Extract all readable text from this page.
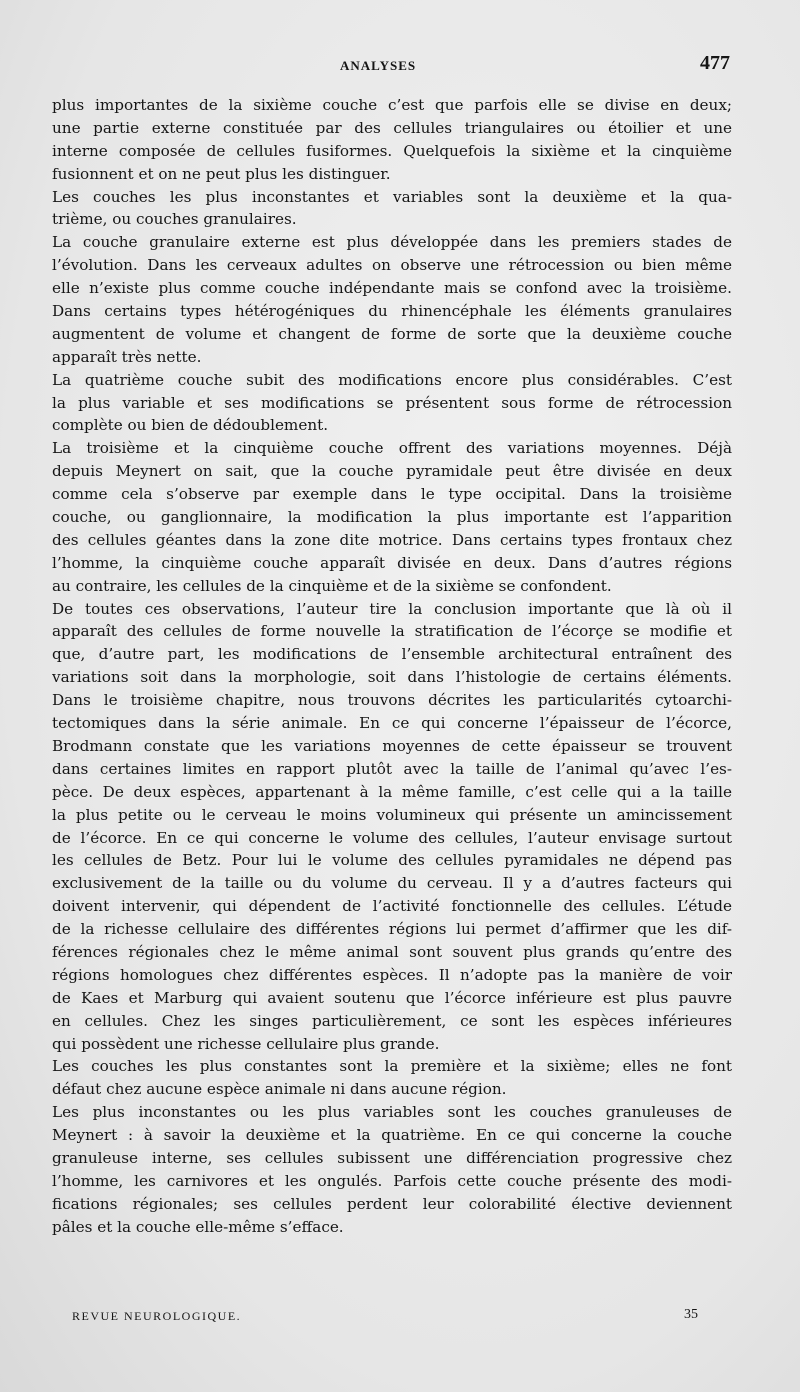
ANALYSES	477
plus importantes de la sixième couche c’est que parfois elle se divise en deux;
une partie externe constituée par des cellules triangulaires ou étoilier et une
interne composée de cellules fusiformes. Quelquefois la sixième et la cinquième
fusionnent et on ne peut plus les distinguer.
Les couches les plus inconstantes et variables sont la deuxième et la qua-
trième, ou couches granulaires.
La couche granulaire externe est plus développée dans les premiers stades de
l’évolution. Dans les cerveaux adultes on observe une rétrocession ou bien même
elle n’existe plus comme couche indépendante mais se confond avec la troisième.
Dans certains types hétérogéniques du rhinencéphale les éléments granulaires
augmentent de volume et changent de forme de sorte que la deuxième couche
apparaît très nette.
La quatrième couche subit des modifications encore plus considérables. C’est
la plus variable et ses modifications se présentent sous forme de rétrocession
complète ou bien de dédoublement.
La troisième et la cinquième couche offrent des variations moyennes. Déjà
depuis Meynert on sait, que la couche pyramidale peut être divisée en deux
comme cela s’observe par exemple dans le type occipital. Dans la troisième
couche, ou ganglionnaire, la modification la plus importante est l’apparition
des cellules géantes dans la zone dite motrice. Dans certains types frontaux chez
l’homme, la cinquième couche apparaît divisée en deux. Dans d’autres régions
au contraire, les cellules de la cinquième et de la sixième se confondent.
De toutes ces observations, l’auteur tire la conclusion importante que là où il
apparaît des cellules de forme nouvelle la stratification de l’écorçe se modifie et
que, d’autre part, les modifications de l’ensemble architectural entraînent des
variations soit dans la morphologie, soit dans l’histologie de certains éléments.
Dans le troisième chapitre, nous trouvons décrites les particularités cytoarchi-
tectomiques dans la série animale. En ce qui concerne l’épaisseur de l’écorce,
Brodmann constate que les variations moyennes de cette épaisseur se trouvent
dans certaines limites en rapport plutôt avec la taille de l’animal qu’avec l’es-
pèce. De deux espèces, appartenant à la même famille, c’est celle qui a la taille
la plus petite ou le cerveau le moins volumineux qui présente un amincissement
de l’écorce. En ce qui concerne le volume des cellules, l’auteur envisage surtout
les cellules de Betz. Pour lui le volume des cellules pyramidales ne dépend pas
exclusivement de la taille ou du volume du cerveau. Il y a d’autres facteurs qui
doivent intervenir, qui dépendent de l’activité fonctionnelle des cellules. L’étude
de la richesse cellulaire des différentes régions lui permet d’affirmer que les dif-
férences régionales chez le même animal sont souvent plus grands qu’entre des
régions homologues chez différentes espèces. Il n’adopte pas la manière de voir
de Kaes et Marburg qui avaient soutenu que l’écorce inférieure est plus pauvre
en cellules. Chez les singes particulièrement, ce sont les espèces inférieures
qui possèdent une richesse cellulaire plus grande.
Les couches les plus constantes sont la première et la sixième; elles ne font
défaut chez aucune espèce animale ni dans aucune région.
Les plus inconstantes ou les plus variables sont les couches granuleuses de
Meynert : à savoir la deuxième et la quatrième. En ce qui concerne la couche
granuleuse interne, ses cellules subissent une différenciation progressive chez
l’homme, les carnivores et les ongulés. Parfois cette couche présente des modi-
fications régionales; ses cellules perdent leur colorabilité élective deviennent
pâles et la couche elle-même s’efface.
REVUE NEUROLOGIQUE.	35
